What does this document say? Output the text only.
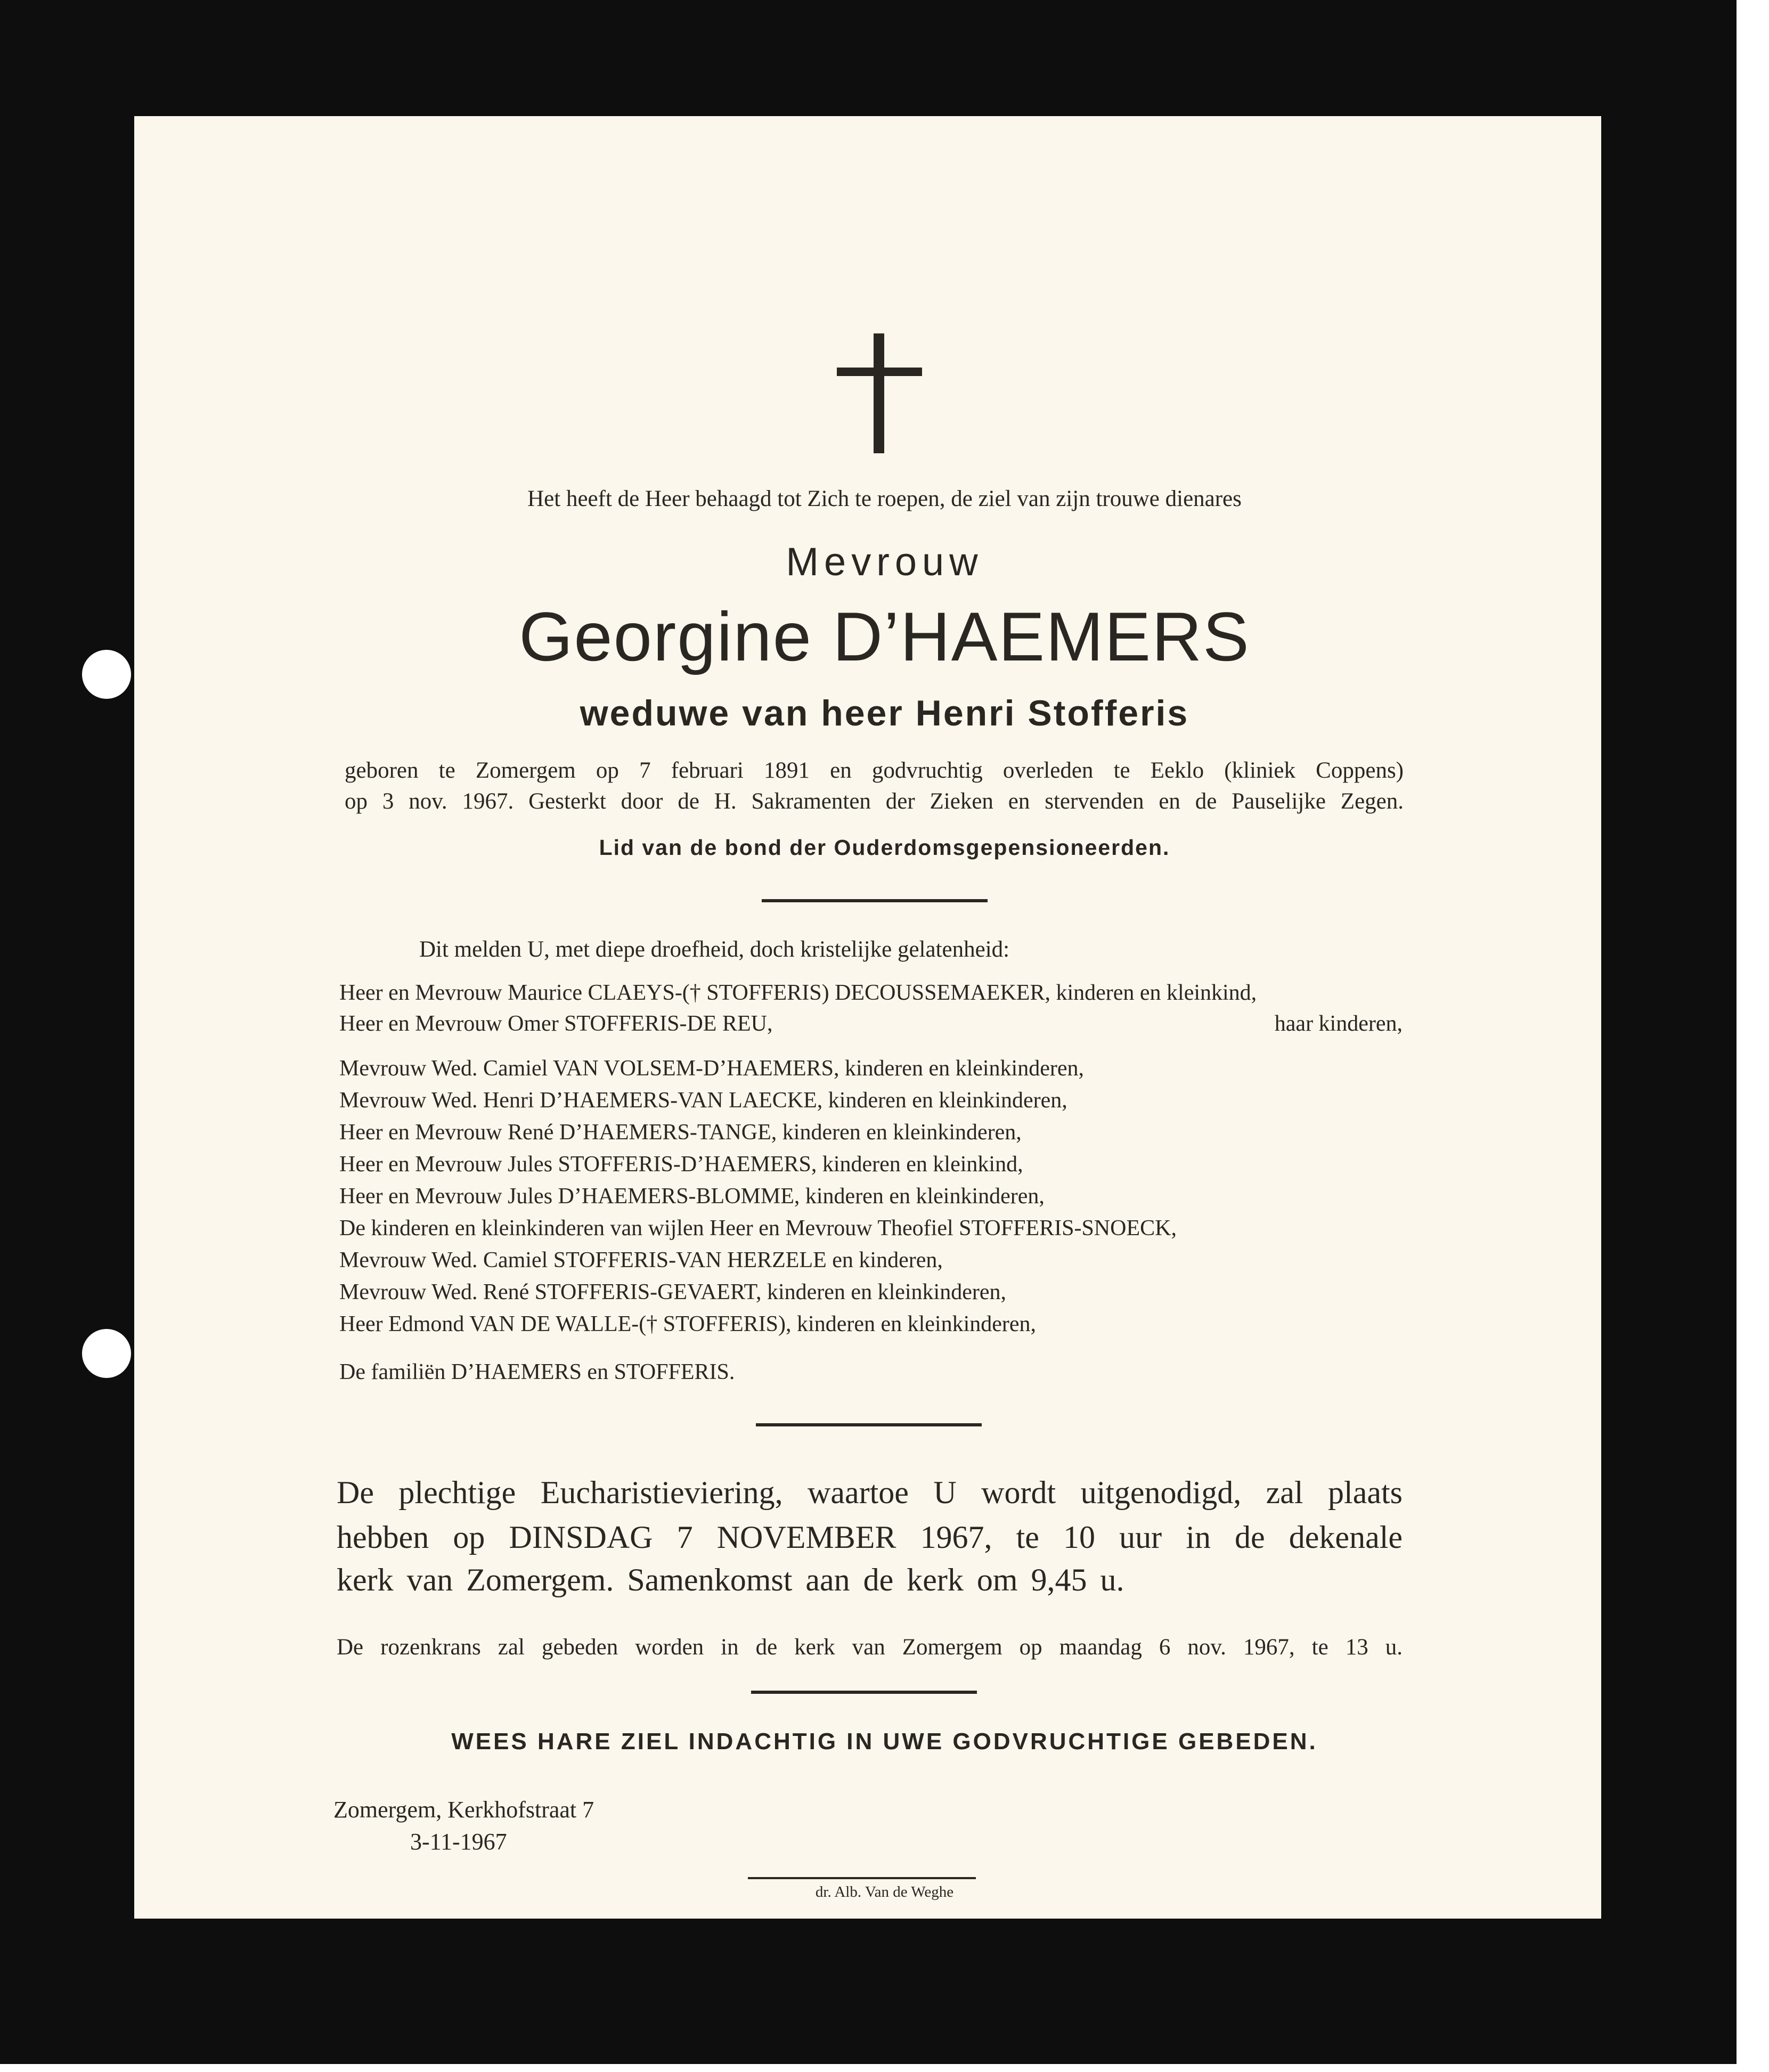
Het heeft de Heer behaagd tot Zich te roepen, de ziel van zijn trouwe dienares
Mevrouw
Georgine D’HAEMERS
weduwe van heer Henri Stofferis
geboren te Zomergem op 7 februari 1891 en godvruchtig overleden te Eeklo (kliniek Coppens)
op 3 nov. 1967. Gesterkt door de H. Sakramenten der Zieken en stervenden en de Pauselijke Zegen.
Lid van de bond der Ouderdomsgepensioneerden.
Dit melden U, met diepe droefheid, doch kristelijke gelatenheid:
Heer en Mevrouw Maurice CLAEYS-(† STOFFERIS) DECOUSSEMAEKER, kinderen en kleinkind,
Heer en Mevrouw Omer STOFFERIS-DE REU,	haar kinderen,
Mevrouw Wed. Camiel VAN VOLSEM-D’HAEMERS, kinderen en kleinkinderen,
Mevrouw Wed. Henri D’HAEMERS-VAN LAECKE, kinderen en kleinkinderen,
Heer en Mevrouw René D’HAEMERS-TANGE, kinderen en kleinkinderen,
Heer en Mevrouw Jules STOFFERIS-D’HAEMERS, kinderen en kleinkind,
Heer en Mevrouw Jules D’HAEMERS-BLOMME, kinderen en kleinkinderen,
De kinderen en kleinkinderen van wijlen Heer en Mevrouw Theofiel STOFFERIS-SNOECK,
Mevrouw Wed. Camiel STOFFERIS-VAN HERZELE en kinderen,
Mevrouw Wed. René STOFFERIS-GEVAERT, kinderen en kleinkinderen,
Heer Edmond VAN DE WALLE-(† STOFFERIS), kinderen en kleinkinderen,
De familiën D’HAEMERS en STOFFERIS.
De plechtige Eucharistieviering, waartoe U wordt uitgenodigd, zal plaats
hebben op DINSDAG 7 NOVEMBER 1967, te 10 uur in de dekenale
kerk van Zomergem. Samenkomst aan de kerk om 9,45 u.
De rozenkrans zal gebeden worden in de kerk van Zomergem op maandag 6 nov. 1967, te 13 u.
WEES HARE ZIEL INDACHTIG IN UWE GODVRUCHTIGE GEBEDEN.
Zomergem, Kerkhofstraat 7
3-11-1967
dr. Alb. Van de Weghe
